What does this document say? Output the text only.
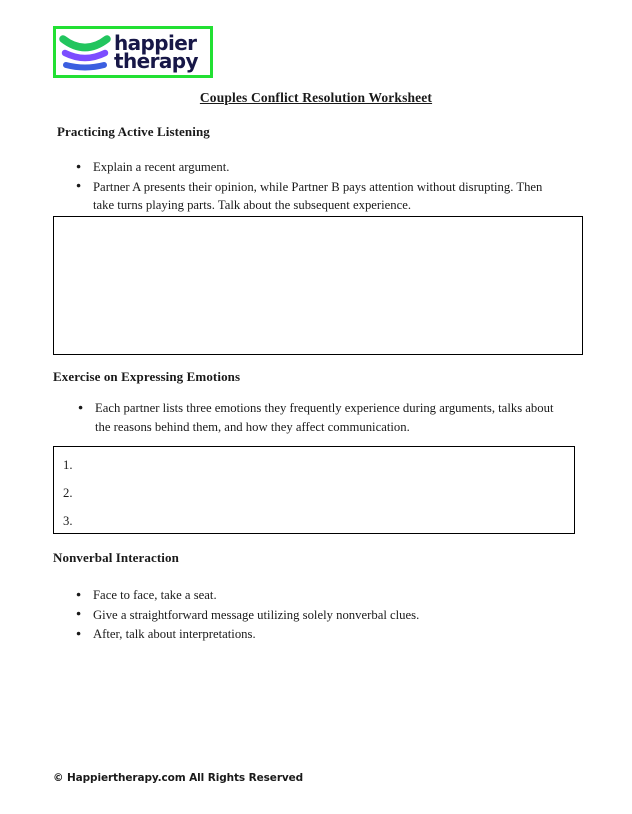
happier
therapy
Couples Conflict Resolution Worksheet
Practicing Active Listening
● Explain a recent argument.
● Partner A presents their opinion, while Partner B pays attention without disrupting. Then take turns playing parts. Talk about the subsequent experience.
Exercise on Expressing Emotions
● Each partner lists three emotions they frequently experience during arguments, talks about the reasons behind them, and how they affect communication.
1.
2.
3.
Nonverbal Interaction
● Face to face, take a seat.
● Give a straightforward message utilizing solely nonverbal clues.
● After, talk about interpretations.
© Happiertherapy.com All Rights Reserved
